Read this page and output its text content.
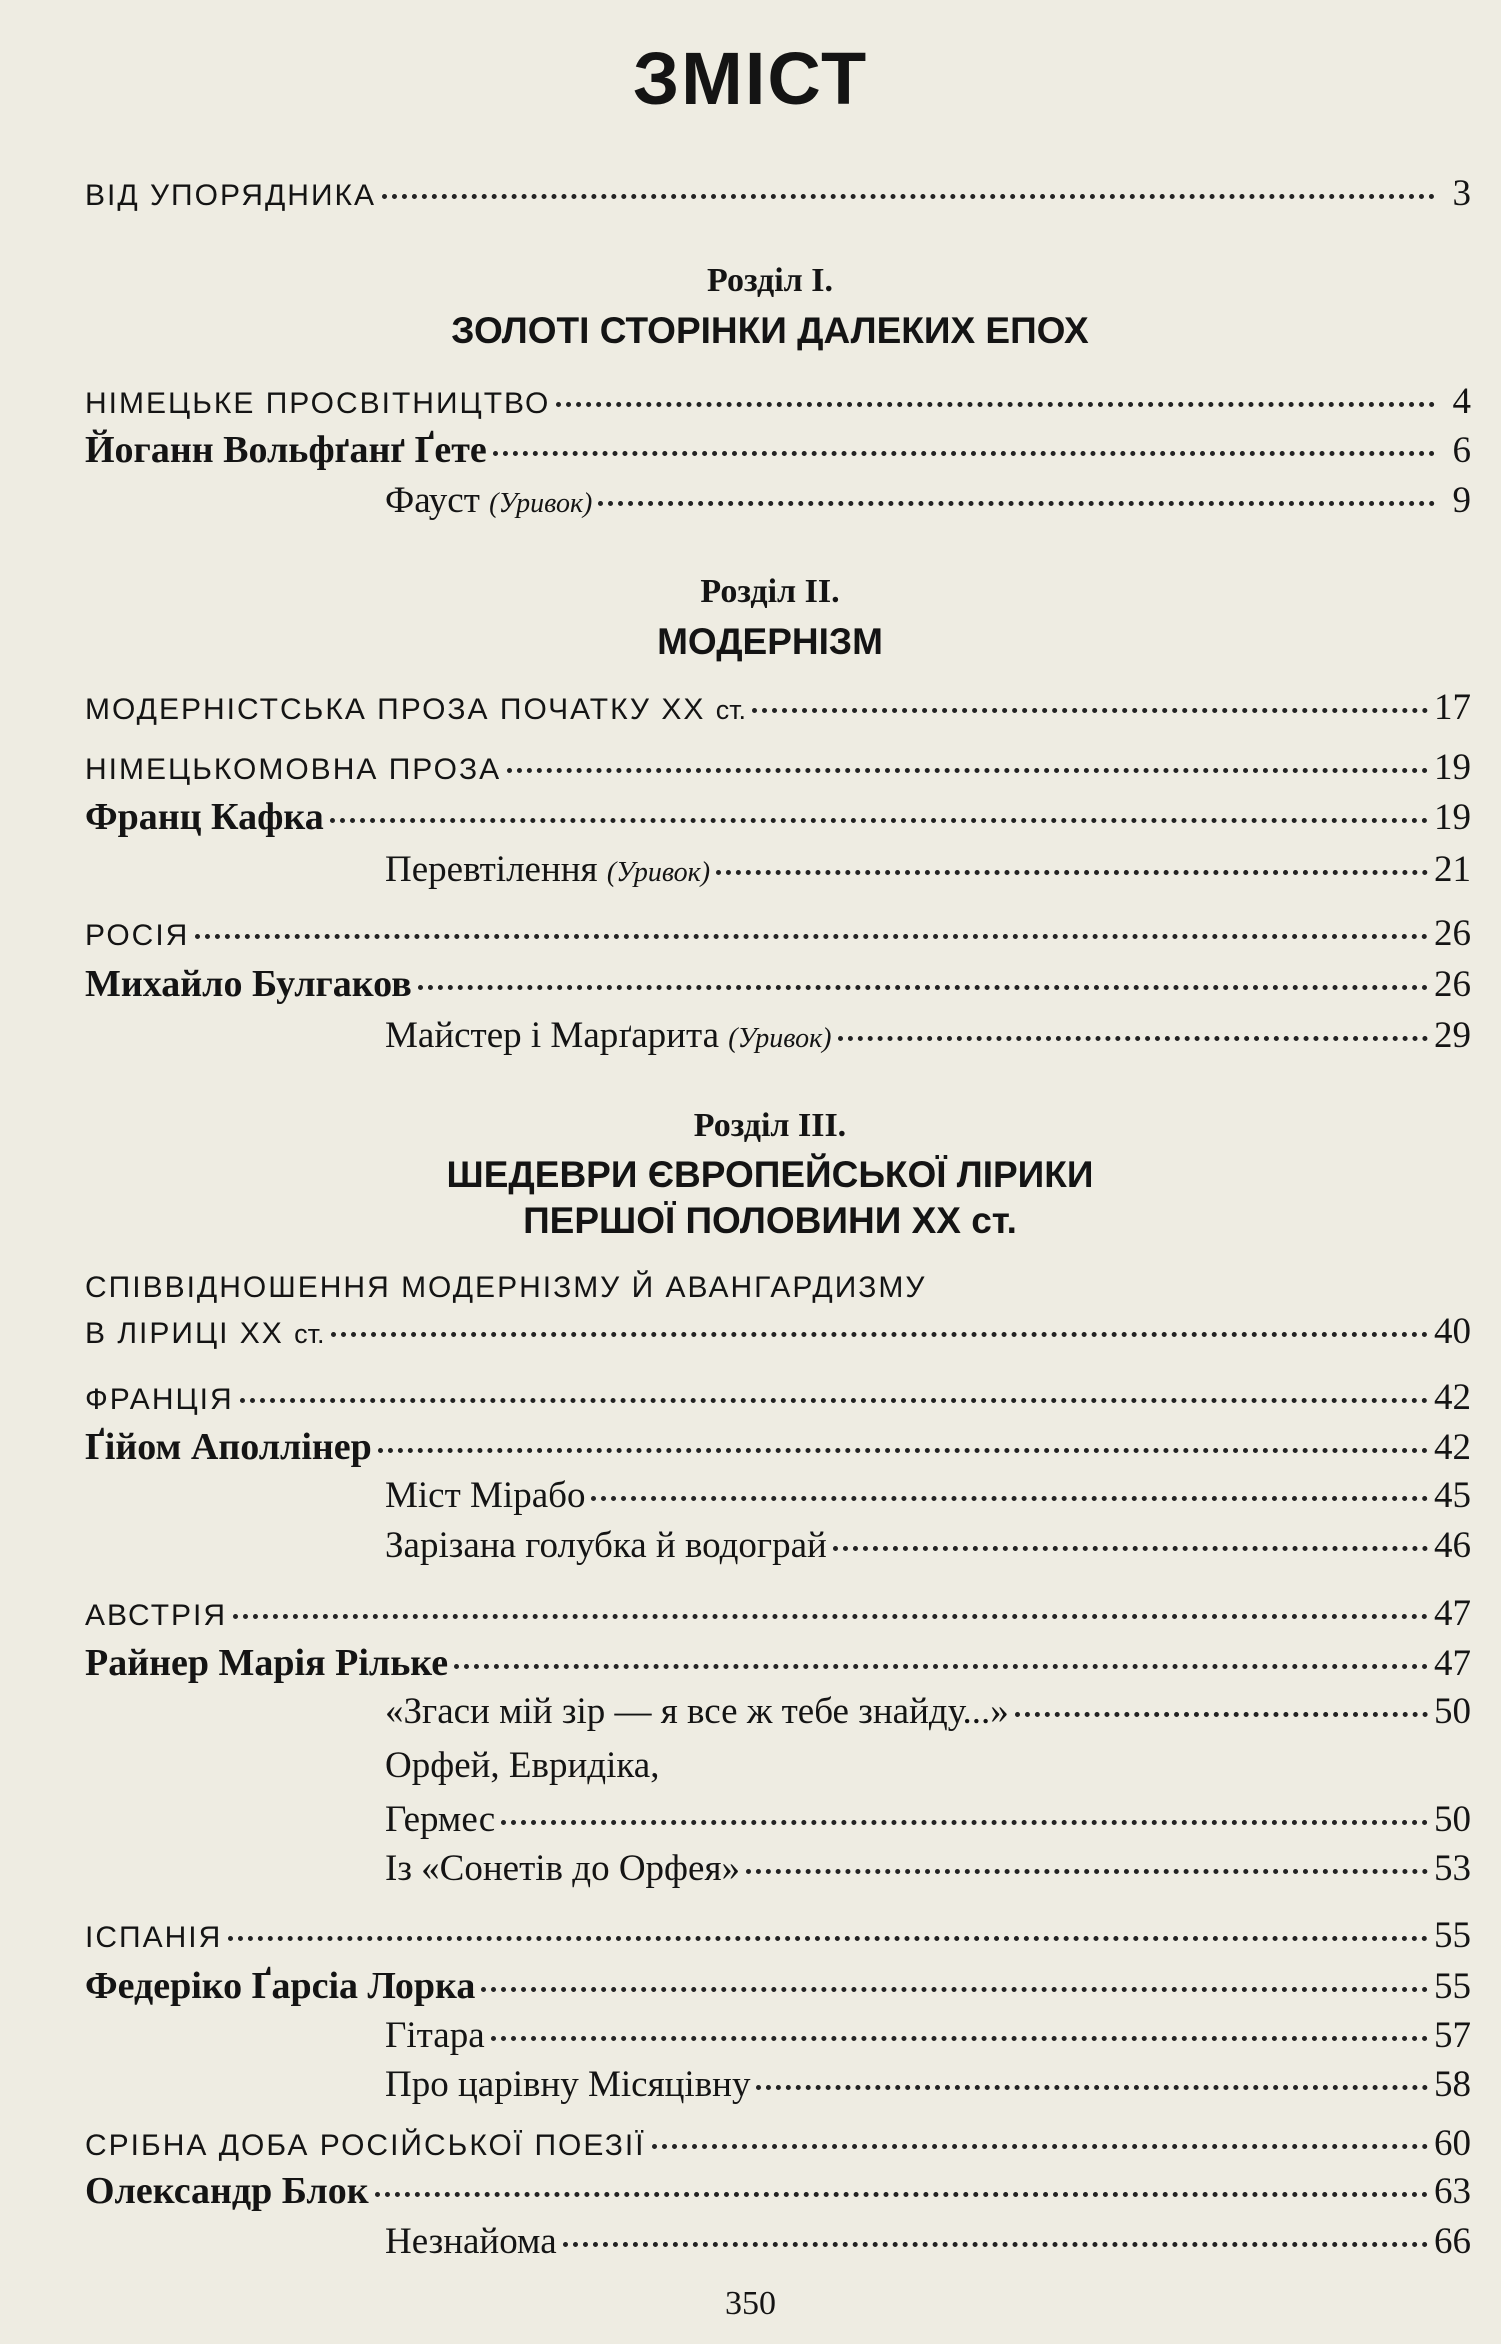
ЗМІСТ
ВІД УПОРЯДНИКА	3
Розділ І.
ЗОЛОТІ СТОРІНКИ ДАЛЕКИХ ЕПОХ
НІМЕЦЬКЕ ПРОСВІТНИЦТВО	4
Йоганн Вольфґанґ Ґете	6
Фауст (Уривок)	9
Розділ ІІ.
МОДЕРНІЗМ
МОДЕРНІСТСЬКА ПРОЗА ПОЧАТКУ XX ст.	17
НІМЕЦЬКОМОВНА ПРОЗА	19
Франц Кафка	19
Перевтілення (Уривок)	21
РОСІЯ	26
Михайло Булгаков	26
Майстер і Марґарита (Уривок)	29
Розділ ІІІ.
ШЕДЕВРИ ЄВРОПЕЙСЬКОЇ ЛІРИКИ
ПЕРШОЇ ПОЛОВИНИ XX ст.
СПІВВІДНОШЕННЯ МОДЕРНІЗМУ Й АВАНГАРДИЗМУ
В ЛІРИЦІ XX ст.	40
ФРАНЦІЯ	42
Ґійом Аполлінер	42
Міст Мірабо	45
Зарізана голубка й водограй	46
АВСТРІЯ	47
Райнер Марія Рільке	47
«Згаси мій зір — я все ж тебе знайду...»	50
Орфей, Евридіка,
Гермес	50
Із «Сонетів до Орфея»	53
ІСПАНІЯ	55
Федеріко Ґарсіа Лорка	55
Гітара	57
Про царівну Місяцівну	58
СРІБНА ДОБА РОСІЙСЬКОЇ ПОЕЗІЇ	60
Олександр Блок	63
Незнайома	66
350
